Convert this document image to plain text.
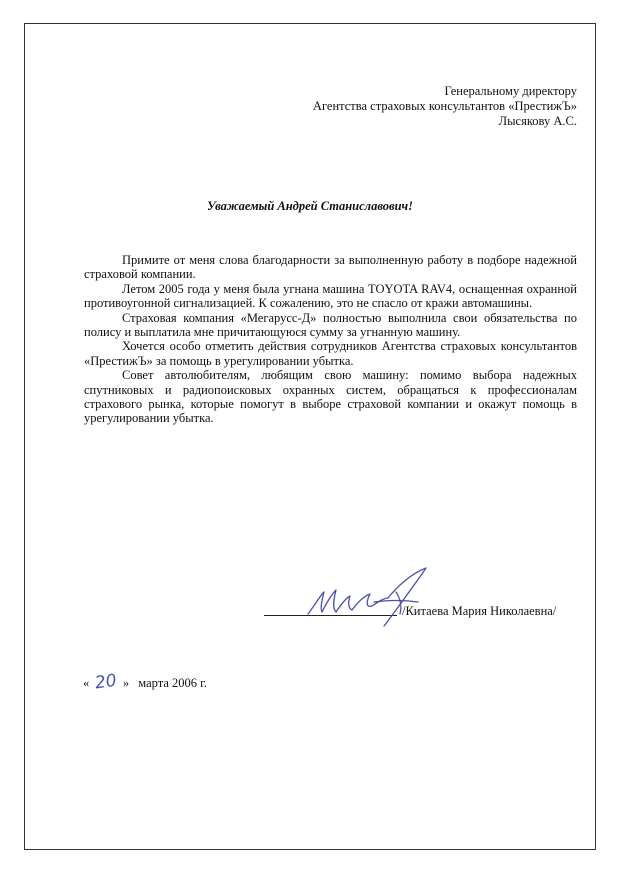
Генеральному директору
Агентства страховых консультантов «ПрестижЪ»
Лысякову А.С.
Уважаемый Андрей Станиславович!

Примите от меня слова благодарности за выполненную работу в подборе надежной страховой компании.

Летом 2005 года у меня была угнана машина TOYOTA RAV4, оснащенная охранной противоугонной сигнализацией. К сожалению, это не спасло от кражи автомашины.

Страховая компания «Мегарусс-Д» полностью выполнила свои обязательства по полису и выплатила мне причитающуюся сумму за угнанную машину.

Хочется особо отметить действия сотрудников Агентства страховых консультантов «ПрестижЪ» за помощь в урегулировании убытка.

Совет автолюбителям, любящим свою машину: помимо выбора надежных спутниковых и радиопоисковых охранных систем, обращаться к профессионалам страхового рынка, которые помогут в выборе страховой компании и окажут помощь в урегулировании убытка.

/Китаева Мария Николаевна/
« 20 » марта 2006 г.
